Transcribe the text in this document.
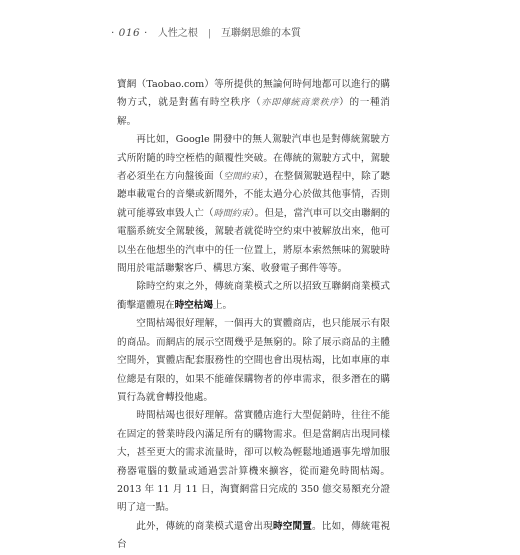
· 016 · 人性之根 | 互聯網思維的本質

寶網（Taobao.com）等所提供的無論何時何地都可以進行的購物方式，就是對舊有時空秩序（亦即傳統商業秩序）的一種消解。

再比如，Google 開發中的無人駕駛汽車也是對傳統駕駛方式所附隨的時空桎梏的顛覆性突破。在傳統的駕駛方式中，駕駛者必須坐在方向盤後面（空間約束），在整個駕駛過程中，除了聽聽車載電台的音樂或新聞外，不能太過分心於做其他事情，否則就可能導致車毀人亡（時間約束）。但是，當汽車可以交由聯網的電腦系統安全駕駛後，駕駛者就從時空約束中被解放出來，他可以坐在他想坐的汽車中的任一位置上，將原本索然無味的駕駛時間用於電話聯繫客戶、構思方案、收發電子郵件等等。

除時空約束之外，傳統商業模式之所以招致互聯網商業模式衝擊還體現在時空枯竭上。

空間枯竭很好理解，一個再大的實體商店，也只能展示有限的商品。而網店的展示空間幾乎是無窮的。除了展示商品的主體空間外，實體店配套服務性的空間也會出現枯竭，比如車庫的車位總是有限的，如果不能確保購物者的停車需求，很多潛在的購買行為就會轉投他處。

時間枯竭也很好理解。當實體店進行大型促銷時，往往不能在固定的營業時段內滿足所有的購物需求。但是當網店出現同樣大，甚至更大的需求流量時，卻可以較為輕鬆地通過事先增加服務器電腦的數量或通過雲計算機來擴容，從而避免時間枯竭。2013 年 11 月 11 日，淘寶網當日完成的 350 億交易額充分證明了這一點。

此外，傳統的商業模式還會出現時空閒置。比如，傳統電視台
